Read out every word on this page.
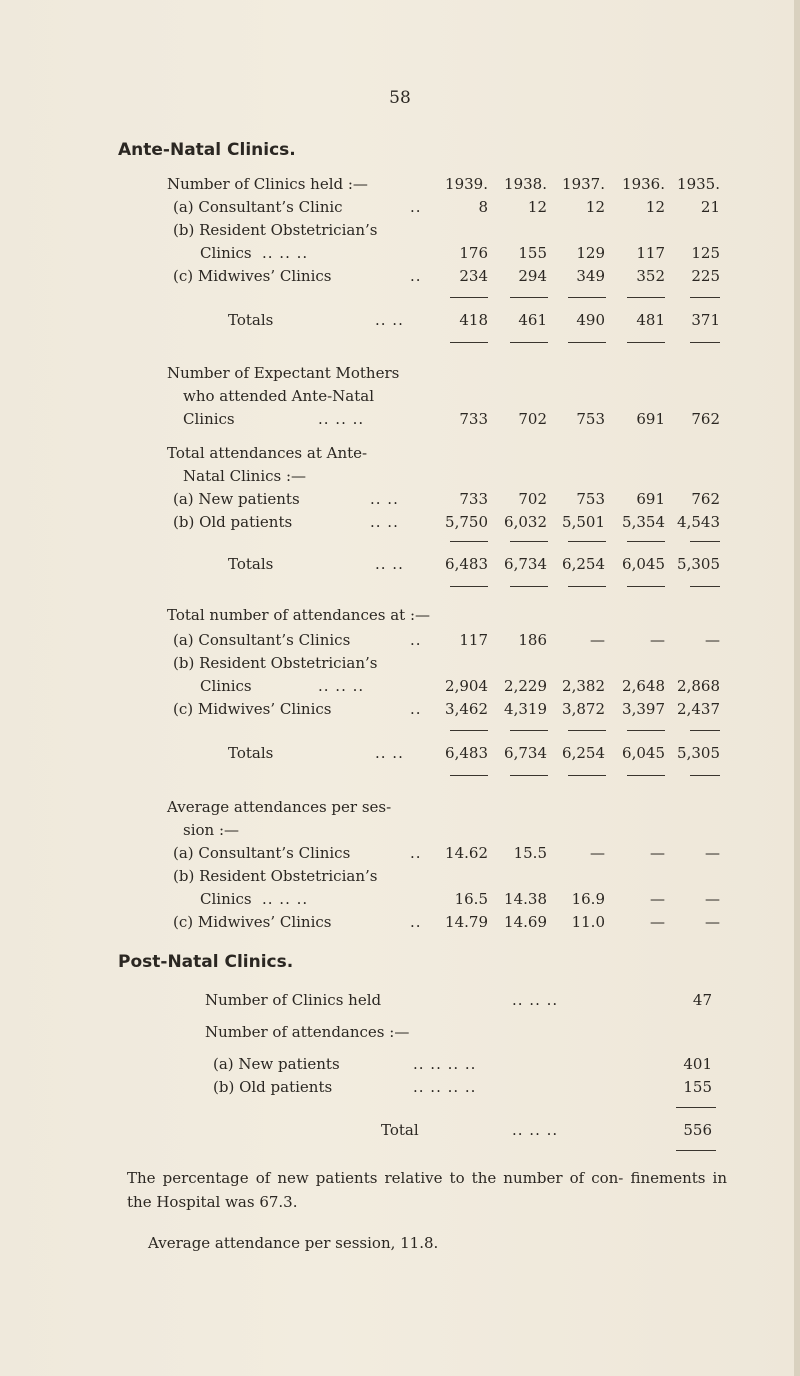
58
Ante-Natal Clinics.
Number of Clinics held :—	1939.	1938.	1937.	1936. 1935.
(a) Consultant’s Clinic	..	8	12	12	12	21
(b) Resident Obstetrician’s
Clinics .. .. ..	176	155	129	117	125
(c) Midwives’ Clinics	..	234	294	349	352	225
Totals	.. ..	418	461	490	481	371
Number of Expectant Mothers
who attended Ante-Natal
Clinics	.. .. ..	733	702	753	691	762
Total attendances at Ante-
Natal Clinics :—
(a) New patients	.. ..	733	702	753	691	762
(b) Old patients	.. ..	5,750	6,032	5,501	5,354 4,543
Totals	.. ..	6,483	6,734	6,254	6,045 5,305
Total number of attendances at :—
(a) Consultant’s Clinics	..	117	186	—	—	—
(b) Resident Obstetrician’s
Clinics	.. .. ..	2,904	2,229	2,382	2,648 2,868
(c) Midwives’ Clinics	..	3,462	4,319	3,872	3,397 2,437
Totals	.. ..	6,483	6,734	6,254	6,045 5,305
Average attendances per ses-
sion :—
(a) Consultant’s Clinics	..	14.62	15.5	—	—	—
(b) Resident Obstetrician’s
Clinics .. .. ..	16.5	14.38	16.9	—	—
(c) Midwives’ Clinics	..	14.79	14.69	11.0	—	—
Post-Natal Clinics.
Number of Clinics held	.. .. ..	47
Number of attendances :—
(a) New patients	.. .. .. ..	401
(b) Old patients	.. .. .. ..	155
Total	.. .. ..	556
The percentage of new patients relative to the number of con- finements in the Hospital was 67.3.
Average attendance per session, 11.8.
